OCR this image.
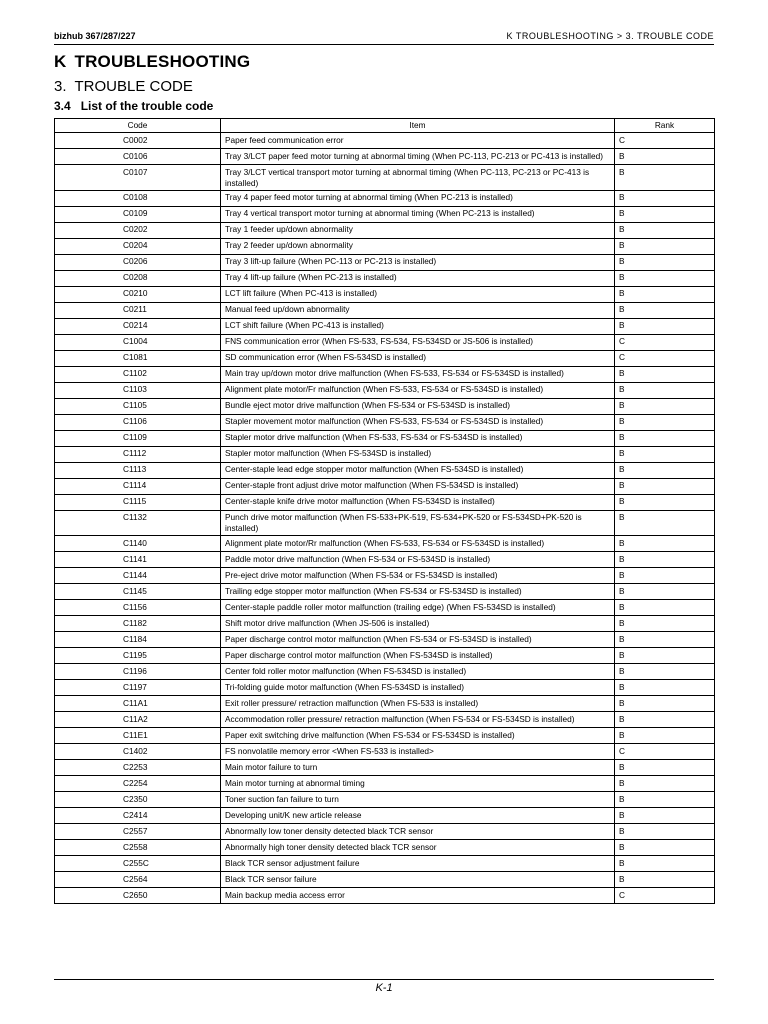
bizhub 367/287/227	K TROUBLESHOOTING > 3. TROUBLE CODE
K TROUBLESHOOTING
3. TROUBLE CODE
3.4 List of the trouble code
Code	Item	Rank
C0002	Paper feed communication error	C
C0106	Tray 3/LCT paper feed motor turning at abnormal timing (When PC-113, PC-213 or PC-413 is installed)	B
C0107	Tray 3/LCT vertical transport motor turning at abnormal timing (When PC-113, PC-213 or PC-413 is installed)	B
C0108	Tray 4 paper feed motor turning at abnormal timing (When PC-213 is installed)	B
C0109	Tray 4 vertical transport motor turning at abnormal timing (When PC-213 is installed)	B
C0202	Tray 1 feeder up/down abnormality	B
C0204	Tray 2 feeder up/down abnormality	B
C0206	Tray 3 lift-up failure (When PC-113 or PC-213 is installed)	B
C0208	Tray 4 lift-up failure (When PC-213 is installed)	B
C0210	LCT lift failure (When PC-413 is installed)	B
C0211	Manual feed up/down abnormality	B
C0214	LCT shift failure (When PC-413 is installed)	B
C1004	FNS communication error (When FS-533, FS-534, FS-534SD or JS-506 is installed)	C
C1081	SD communication error (When FS-534SD is installed)	C
C1102	Main tray up/down motor drive malfunction (When FS-533, FS-534 or FS-534SD is installed)	B
C1103	Alignment plate motor/Fr malfunction (When FS-533, FS-534 or FS-534SD is installed)	B
C1105	Bundle eject motor drive malfunction (When FS-534 or FS-534SD is installed)	B
C1106	Stapler movement motor malfunction (When FS-533, FS-534 or FS-534SD is installed)	B
C1109	Stapler motor drive malfunction (When FS-533, FS-534 or FS-534SD is installed)	B
C1112	Stapler motor malfunction (When FS-534SD is installed)	B
C1113	Center-staple lead edge stopper motor malfunction (When FS-534SD is installed)	B
C1114	Center-staple front adjust drive motor malfunction (When FS-534SD is installed)	B
C1115	Center-staple knife drive motor malfunction (When FS-534SD is installed)	B
C1132	Punch drive motor malfunction (When FS-533+PK-519, FS-534+PK-520 or FS-534SD+PK-520 is installed)	B
C1140	Alignment plate motor/Rr malfunction (When FS-533, FS-534 or FS-534SD is installed)	B
C1141	Paddle motor drive malfunction (When FS-534 or FS-534SD is installed)	B
C1144	Pre-eject drive motor malfunction (When FS-534 or FS-534SD is installed)	B
C1145	Trailing edge stopper motor malfunction (When FS-534 or FS-534SD is installed)	B
C1156	Center-staple paddle roller motor malfunction (trailing edge) (When FS-534SD is installed)	B
C1182	Shift motor drive malfunction (When JS-506 is installed)	B
C1184	Paper discharge control motor malfunction (When FS-534 or FS-534SD is installed)	B
C1195	Paper discharge control motor malfunction (When FS-534SD is installed)	B
C1196	Center fold roller motor malfunction (When FS-534SD is installed)	B
C1197	Tri-folding guide motor malfunction (When FS-534SD is installed)	B
C11A1	Exit roller pressure/ retraction malfunction (When FS-533 is installed)	B
C11A2	Accommodation roller pressure/ retraction malfunction (When FS-534 or FS-534SD is installed)	B
C11E1	Paper exit switching drive malfunction (When FS-534 or FS-534SD is installed)	B
C1402	FS nonvolatile memory error <When FS-533 is installed>	C
C2253	Main motor failure to turn	B
C2254	Main motor turning at abnormal timing	B
C2350	Toner suction fan failure to turn	B
C2414	Developing unit/K new article release	B
C2557	Abnormally low toner density detected black TCR sensor	B
C2558	Abnormally high toner density detected black TCR sensor	B
C255C	Black TCR sensor adjustment failure	B
C2564	Black TCR sensor failure	B
C2650	Main backup media access error	C
K-1
